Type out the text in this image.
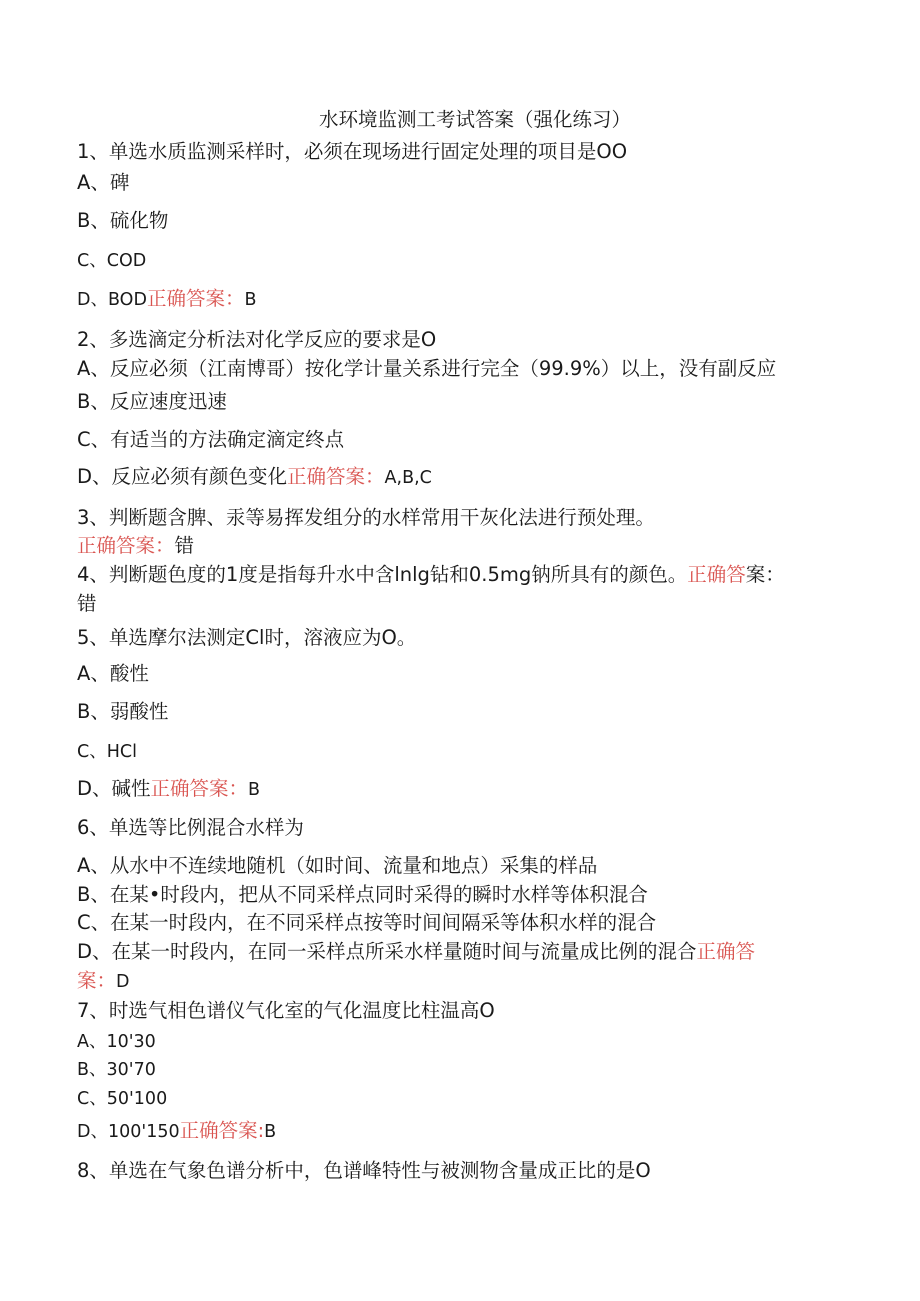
水环境监测工考试答案（强化练习）

1、单选水质监测采样时，必须在现场进行固定处理的项目是OO

A、碑

B、硫化物

C、COD

D、BOD正确答案：B

2、多选滴定分析法对化学反应的要求是O

A、反应必须（江南博哥）按化学计量关系进行完全（99.9%）以上，没有副反应

B、反应速度迅速

C、有适当的方法确定滴定终点

D、反应必须有颜色变化正确答案：A,B,C

3、判断题含脾、汞等易挥发组分的水样常用干灰化法进行预处理。

正确答案：错

4、判断题色度的1度是指每升水中含lnlg钻和0.5mg钠所具有的颜色。正确答案：

错

5、单选摩尔法测定Cl时，溶液应为O。

A、酸性

B、弱酸性

C、HCl

D、碱性正确答案：B

6、单选等比例混合水样为

A、从水中不连续地随机（如时间、流量和地点）采集的样品

B、在某•时段内，把从不同采样点同时采得的瞬时水样等体积混合

C、在某一时段内，在不同采样点按等时间间隔采等体积水样的混合

D、在某一时段内，在同一采样点所采水样量随时间与流量成比例的混合正确答

案：D

7、时选气相色谱仪气化室的气化温度比柱温高O

A、10'30

B、30'70

C、50'100

D、100'150正确答案:B

8、单选在气象色谱分析中，色谱峰特性与被测物含量成正比的是O
